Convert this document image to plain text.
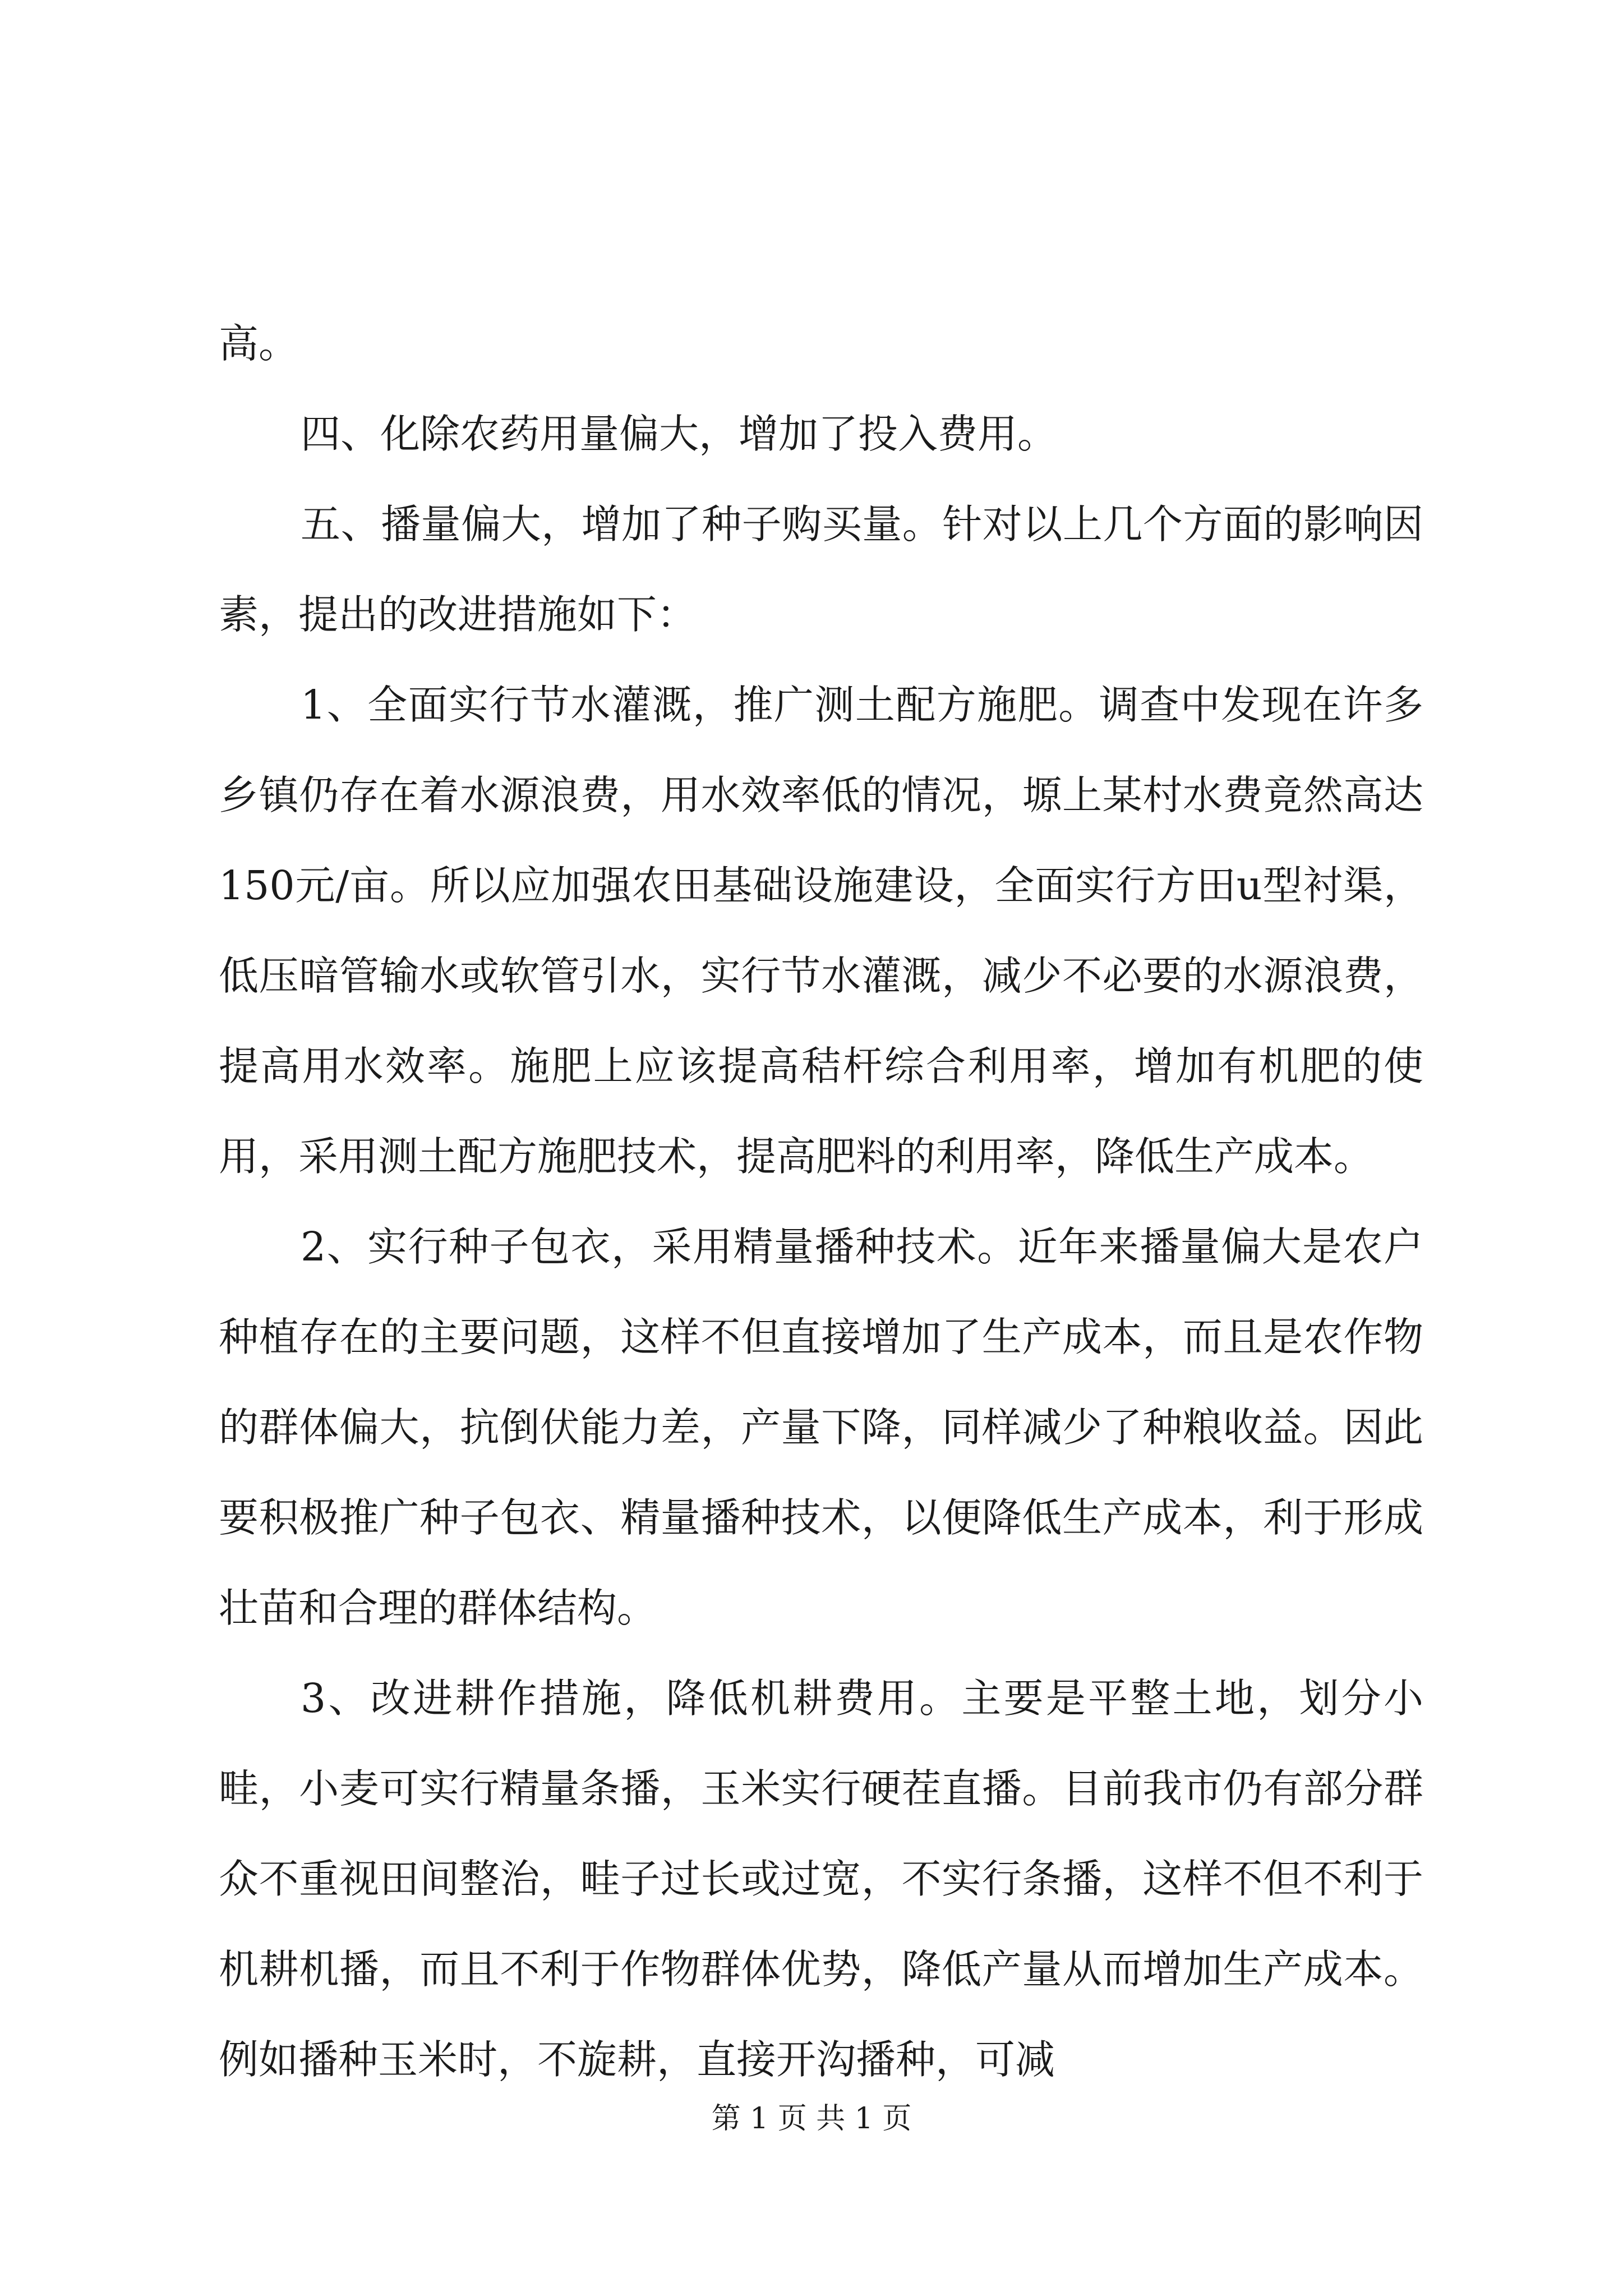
高。

四、化除农药用量偏大，增加了投入费用。

五、播量偏大，增加了种子购买量。针对以上几个方面的影响因素，提出的改进措施如下：

1、全面实行节水灌溉，推广测土配方施肥。调查中发现在许多乡镇仍存在着水源浪费，用水效率低的情况，塬上某村水费竟然高达150元/亩。所以应加强农田基础设施建设，全面实行方田u型衬渠，低压暗管输水或软管引水，实行节水灌溉，减少不必要的水源浪费，提高用水效率。施肥上应该提高秸杆综合利用率，增加有机肥的使用，采用测土配方施肥技术，提高肥料的利用率，降低生产成本。

2、实行种子包衣，采用精量播种技术。近年来播量偏大是农户种植存在的主要问题，这样不但直接增加了生产成本，而且是农作物的群体偏大，抗倒伏能力差，产量下降，同样减少了种粮收益。因此要积极推广种子包衣、精量播种技术，以便降低生产成本，利于形成壮苗和合理的群体结构。

3、改进耕作措施，降低机耕费用。主要是平整土地，划分小畦，小麦可实行精量条播，玉米实行硬茬直播。目前我市仍有部分群众不重视田间整治，畦子过长或过宽，不实行条播，这样不但不利于机耕机播，而且不利于作物群体优势，降低产量从而增加生产成本。例如播种玉米时，不旋耕，直接开沟播种，可减

第 1 页 共 1 页
